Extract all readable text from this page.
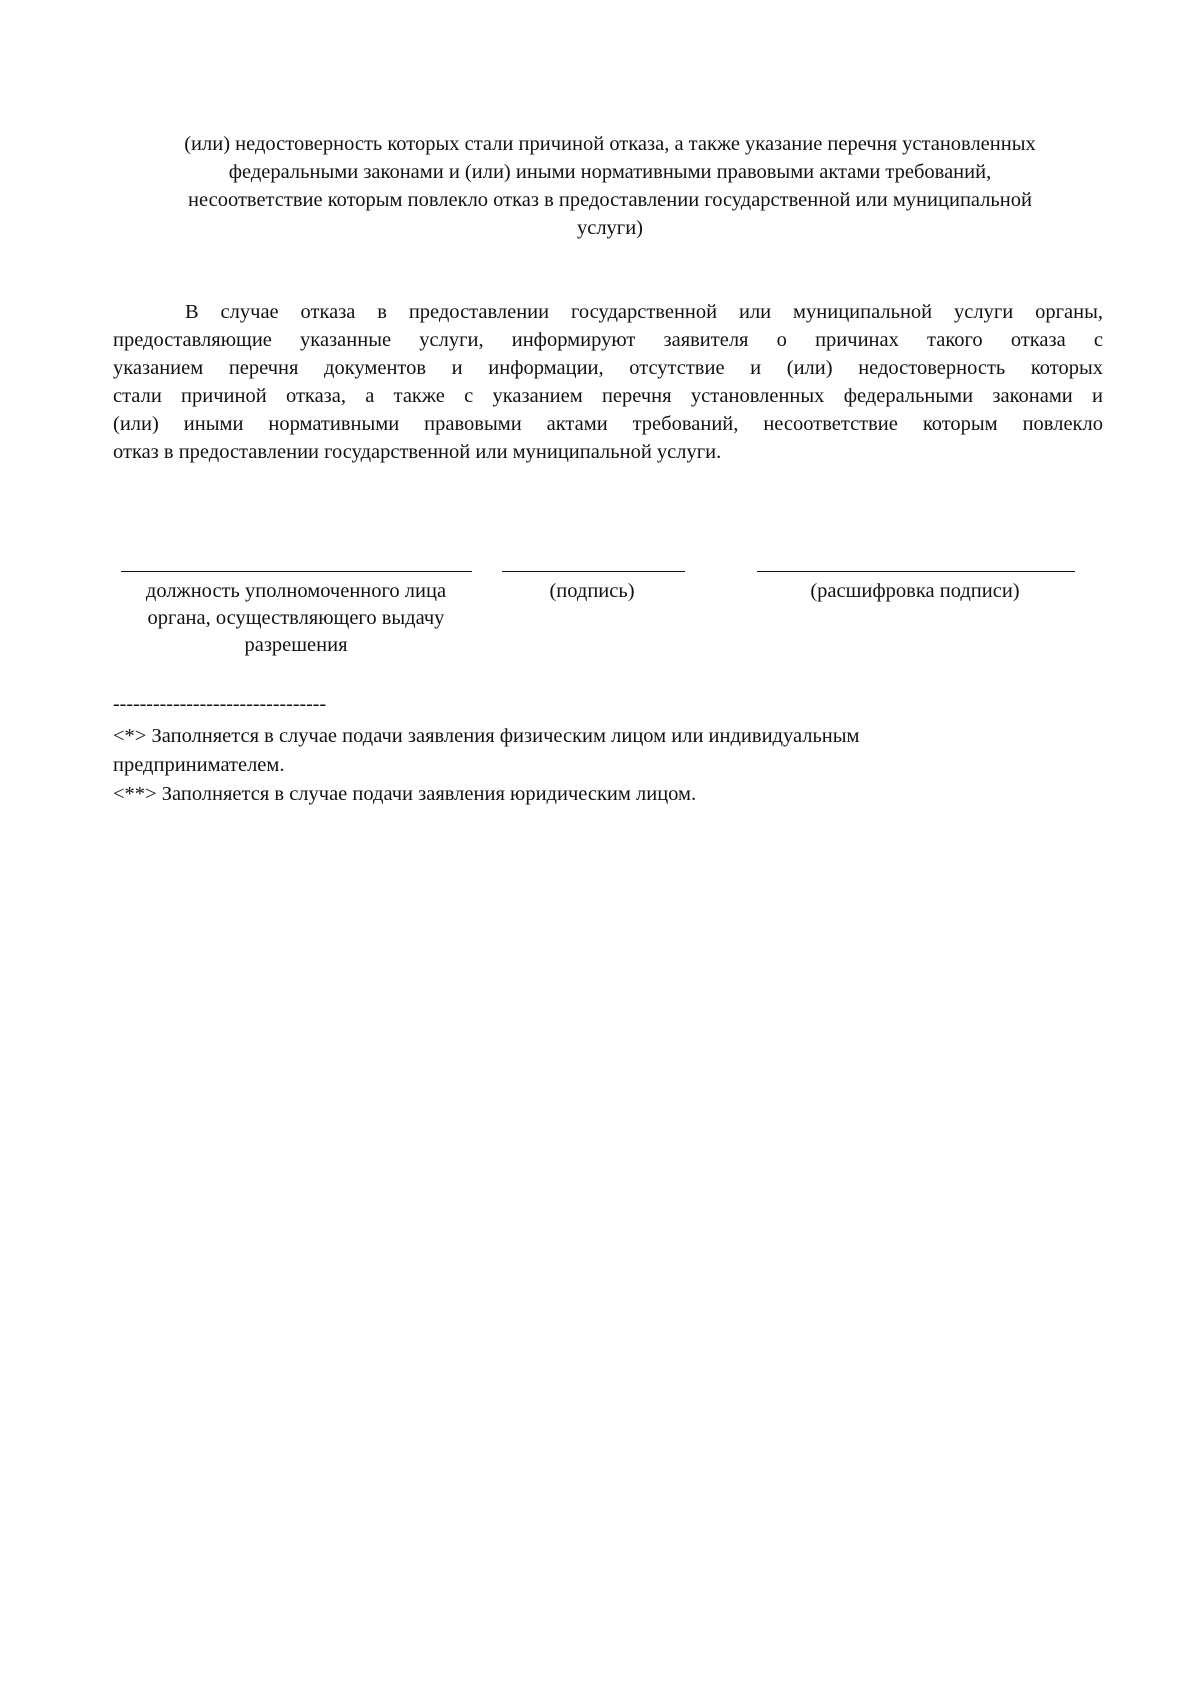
(или) недостоверность которых стали причиной отказа, а также указание перечня установленных
федеральными законами и (или) иными нормативными правовыми актами требований,
несоответствие которым повлекло отказ в предоставлении государственной или муниципальной
услуги)
В случае отказа в предоставлении государственной или муниципальной услуги органы,
предоставляющие указанные услуги, информируют заявителя о причинах такого отказа с
указанием перечня документов и информации, отсутствие и (или) недостоверность которых
стали причиной отказа, а также с указанием перечня установленных федеральными законами и
(или) иными нормативными правовыми актами требований, несоответствие которым повлекло
отказ в предоставлении государственной или муниципальной услуги.
должность уполномоченного лица
органа, осуществляющего выдачу
разрешения
(подпись)	(расшифровка подписи)
--------------------------------
<*> Заполняется в случае подачи заявления физическим лицом или индивидуальным
предпринимателем.
<**> Заполняется в случае подачи заявления юридическим лицом.
